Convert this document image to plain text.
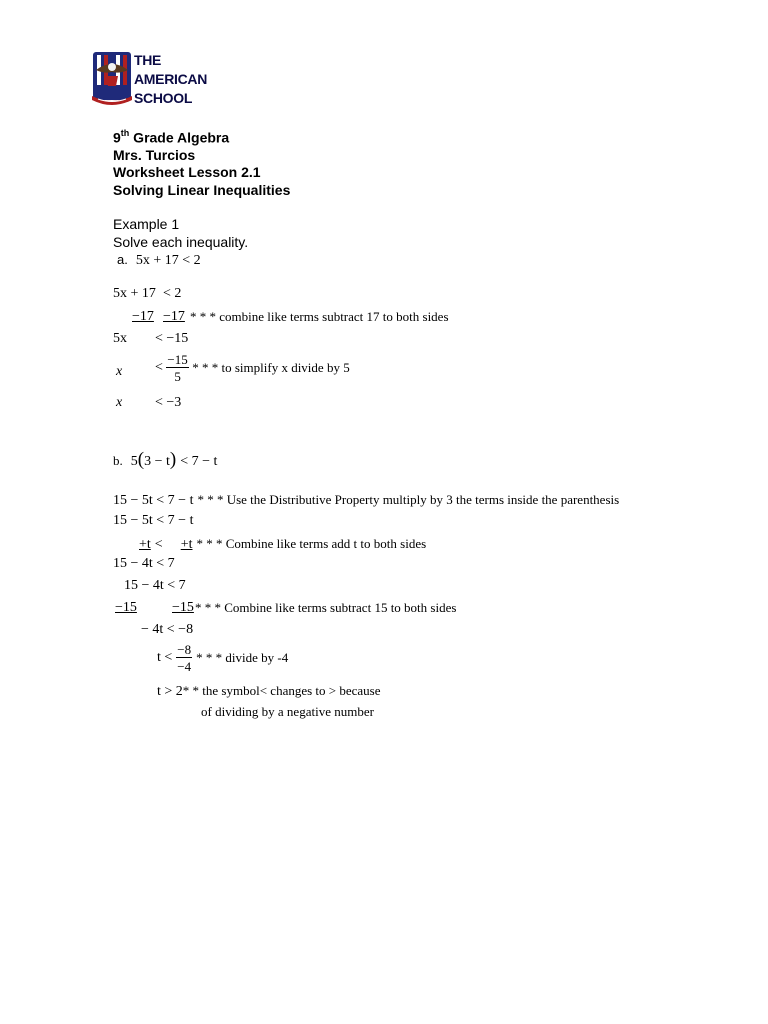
THE
AMERICAN
SCHOOL
9th Grade Algebra
Mrs. Turcios
Worksheet Lesson 2.1
Solving Linear Inequalities
Example 1
Solve each inequality.
a. 5x + 17 < 2
5x + 17 < 2
−17 −17 * * * combine like terms subtract 17 to both sides
5x < −15
$x < \frac{-15}{5}$ * * * to simplify x divide by 5
x < −3
b. 5(3 − t) < 7 − t
15 − 5t < 7 − t * * * Use the Distributive Property multiply by 3 the terms inside the parenthesis
15 − 5t < 7 − t
+t < +t * * * Combine like terms add t to both sides
15 − 4t < 7
15 − 4t < 7
−15	−15 * * * Combine like terms subtract 15 to both sides
− 4t < −8
$t < \frac{-8}{-4}$ * * * divide by -4
t > 2* * the symbol< changes to > because
of dividing by a negative number
